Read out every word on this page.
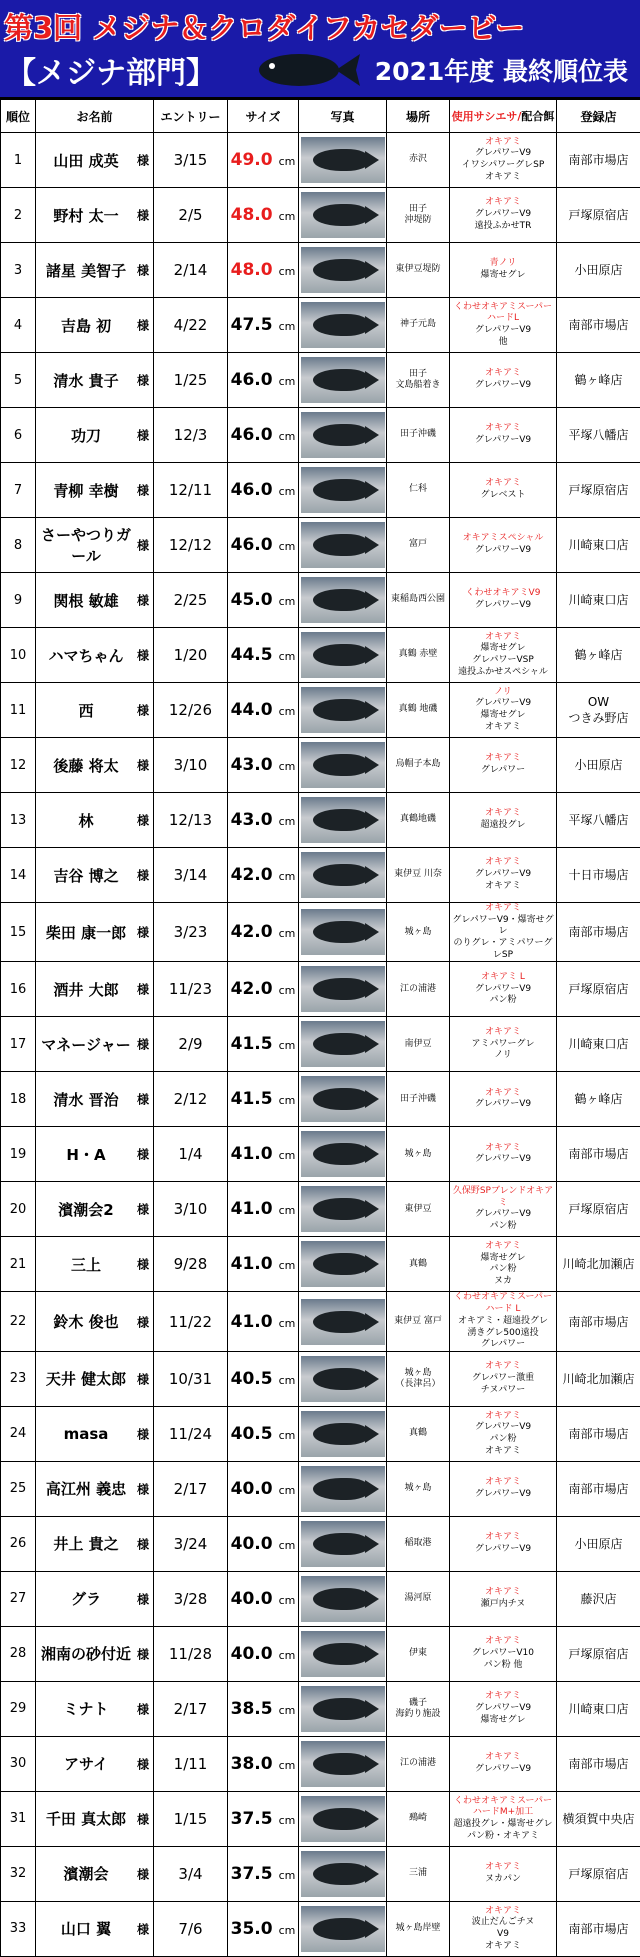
第3回 メジナ＆クロダイフカセダービー
【メジナ部門】	2021年度 最終順位表
順位	お名前	エントリー	サイズ	写真	場所	使用サシエサ/配合餌	登録店
1	山田 成英 様	3/15	49.0 cm		赤沢	オキアミ
グレパワーV9
イワシパワーグレSP
オキアミ	南部市場店
2	野村 太一 様	2/5	48.0 cm		田子
沖堤防	オキアミ
グレパワーV9
遠投ふかせTR	戸塚原宿店
3	諸星 美智子 様	2/14	48.0 cm		東伊豆堤防	青ノリ
爆寄せグレ	小田原店
4	吉島 初 様	4/22	47.5 cm		神子元島	くわせオキアミスーパーハードL
グレパワーV9
他	南部市場店
5	清水 貴子 様	1/25	46.0 cm		田子
文島船着き	オキアミ
グレパワーV9	鶴ヶ峰店
6	功刀 様	12/3	46.0 cm		田子沖磯	オキアミ
グレパワーV9	平塚八幡店
7	青柳 幸樹 様	12/11	46.0 cm		仁科	オキアミ
グレベスト	戸塚原宿店
8	さーやつりガール
様	12/12	46.0 cm		富戸	オキアミスペシャル
グレパワーV9	川崎東口店
9	関根 敏雄 様	2/25	45.0 cm		東稲島西公園	くわせオキアミV9
グレパワーV9	川崎東口店
10	ハマちゃん 様	1/20	44.5 cm		真鶴 赤壁	オキアミ
爆寄せグレ
グレパワーVSP
遠投ふかせスペシャル	鶴ヶ峰店
11	西 様	12/26	44.0 cm		真鶴 地磯	ノリ
グレパワーV9
爆寄せグレ
オキアミ	OW
つきみ野店
12	後藤 将太 様	3/10	43.0 cm		烏帽子本島	オキアミ
グレパワー	小田原店
13	林 様	12/13	43.0 cm		真鶴地磯	オキアミ
超遠投グレ	平塚八幡店
14	吉谷 博之 様	3/14	42.0 cm		東伊豆 川奈	オキアミ
グレパワーV9
オキアミ	十日市場店
15	柴田 康一郎 様	3/23	42.0 cm		城ヶ島	オキアミ
グレパワーV9・爆寄せグレ
のりグレ・アミパワーグレSP	南部市場店
16	酒井 大郎 様	11/23	42.0 cm		江の浦港	オキアミ L
グレパワーV9
パン粉	戸塚原宿店
17	マネージャー 様	2/9	41.5 cm		南伊豆	オキアミ
アミパワーグレ
ノリ	川崎東口店
18	清水 晋治 様	2/12	41.5 cm		田子沖磯	オキアミ
グレパワーV9	鶴ヶ峰店
19	H・A 様	1/4	41.0 cm		城ヶ島	オキアミ
グレパワーV9	南部市場店
20	濱潮会2 様	3/10	41.0 cm		東伊豆	久保野SPブレンドオキアミ
グレパワーV9
パン粉	戸塚原宿店
21	三上 様	9/28	41.0 cm		真鶴	オキアミ
爆寄せグレ
パン粉
ヌカ	川崎北加瀬店
22	鈴木 俊也 様	11/22	41.0 cm		東伊豆 富戸	くわせオキアミスーパーハード L
オキアミ・超遠投グレ
湧きグレ500遠投
グレパワー	南部市場店
23	天井 健太郎 様	10/31	40.5 cm		城ヶ島
（長津呂）	オキアミ
グレパワー激重
チヌパワー	川崎北加瀬店
24	masa 様	11/24	40.5 cm		真鶴	オキアミ
グレパワーV9
パン粉
オキアミ	南部市場店
25	高江州 義忠 様	2/17	40.0 cm		城ヶ島	オキアミ
グレパワーV9	南部市場店
26	井上 貴之 様	3/24	40.0 cm		稲取港	オキアミ
グレパワーV9	小田原店
27	グラ 様	3/28	40.0 cm		湯河原	オキアミ
瀬戸内チヌ	藤沢店
28	湘南の砂付近 様	11/28	40.0 cm		伊東	オキアミ
グレパワーV10
パン粉 他	戸塚原宿店
29	ミナト 様	2/17	38.5 cm		磯子
海釣り施設	オキアミ
グレパワーV9
爆寄せグレ	川崎東口店
30	アサイ 様	1/11	38.0 cm		江の浦港	オキアミ
グレパワーV9	南部市場店
31	千田 真太郎 様	1/15	37.5 cm		鵐崎	くわせオキアミスーパーハードM+加工
超遠投グレ・爆寄せグレ
パン粉・オキアミ	横須賀中央店
32	濱潮会 様	3/4	37.5 cm		三浦	オキアミ
ヌカパン	戸塚原宿店
33	山口 翼 様	7/6	35.0 cm		城ヶ島岸壁	オキアミ
波止だんごチヌ
V9
オキアミ	南部市場店
